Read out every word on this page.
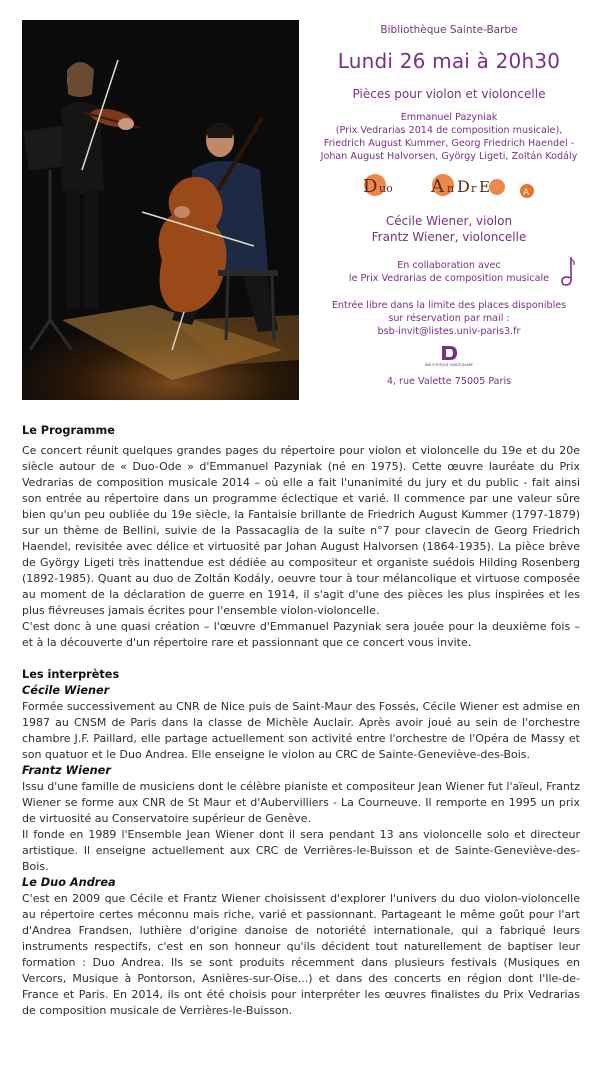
Bibliothèque Sainte-Barbe
Lundi 26 mai à 20h30
Pièces pour violon et violoncelle
Emmanuel Pazyniak
(Prix Vedrarias 2014 de composition musicale),
Friedrich August Kummer, Georg Friedrich Haendel -
Johan August Halvorsen, György Ligeti, Zoltán Kodály
D uo A n D r E	A
Cécile Wiener, violon
Frantz Wiener, violoncelle
En collaboration avec
le Prix Vedrarias de composition musicale
Entrée libre dans la limite des places disponibles
sur réservation par mail :
bsb-invit@listes.univ-paris3.fr
BIBLIOTHÈQUE SAINTE-BARBE
4, rue Valette 75005 Paris
Le Programme

Ce concert réunit quelques grandes pages du répertoire pour violon et violoncelle du 19e et du 20e siècle autour de « Duo-Ode » d'Emmanuel Pazyniak (né en 1975). Cette œuvre lauréate du Prix Vedrarias de composition musicale 2014 – où elle a fait l'unanimité du jury et du public - fait ainsi son entrée au répertoire dans un programme éclectique et varié. Il commence par une valeur sûre bien qu'un peu oubliée du 19e siècle, la Fantaisie brillante de Friedrich August Kummer (1797-1879) sur un thème de Bellini, suivie de la Passacaglia de la suite n°7 pour clavecin de Georg Friedrich Haendel, revisitée avec délice et virtuosité par Johan August Halvorsen (1864-1935). La pièce brève de György Ligeti très inattendue est dédiée au compositeur et organiste suédois Hilding Rosenberg (1892-1985). Quant au duo de Zoltán Kodály, oeuvre tour à tour mélancolique et virtuose composée au moment de la déclaration de guerre en 1914, il s'agit d'une des pièces les plus inspirées et les plus fiévreuses jamais écrites pour l'ensemble violon-violoncelle.

C'est donc à une quasi création – l'œuvre d'Emmanuel Pazyniak sera jouée pour la deuxième fois – et à la découverte d'un répertoire rare et passionnant que ce concert vous invite.

Les interprètes
Cécile Wiener

Formée successivement au CNR de Nice puis de Saint-Maur des Fossés, Cécile Wiener est admise en 1987 au CNSM de Paris dans la classe de Michèle Auclair. Après avoir joué au sein de l'orchestre chambre J.F. Paillard, elle partage actuellement son activité entre l'orchestre de l'Opéra de Massy et son quatuor et le Duo Andrea. Elle enseigne le violon au CRC de Sainte-Geneviève-des-Bois.

Frantz Wiener

Issu d'une famille de musiciens dont le célèbre pianiste et compositeur Jean Wiener fut l'aïeul, Frantz Wiener se forme aux CNR de St Maur et d'Aubervilliers - La Courneuve. Il remporte en 1995 un prix de virtuosité au Conservatoire supérieur de Genève.

Il fonde en 1989 l'Ensemble Jean Wiener dont il sera pendant 13 ans violoncelle solo et directeur artistique. Il enseigne actuellement aux CRC de Verrières-le-Buisson et de Sainte-Geneviève-des-Bois.

Le Duo Andrea

C'est en 2009 que Cécile et Frantz Wiener choisissent d'explorer l'univers du duo violon-violoncelle au répertoire certes méconnu mais riche, varié et passionnant. Partageant le même goût pour l'art d'Andrea Frandsen, luthière d'origine danoise de notoriété internationale, qui a fabriqué leurs instruments respectifs, c'est en son honneur qu'ils décident tout naturellement de baptiser leur formation : Duo Andrea. Ils se sont produits récemment dans plusieurs festivals (Musiques en Vercors, Musique à Pontorson, Asnières-sur-Oise...) et dans des concerts en région dont l'Ile-de-France et Paris. En 2014, ils ont été choisis pour interpréter les œuvres finalistes du Prix Vedrarias de composition musicale de Verrières-le-Buisson.
